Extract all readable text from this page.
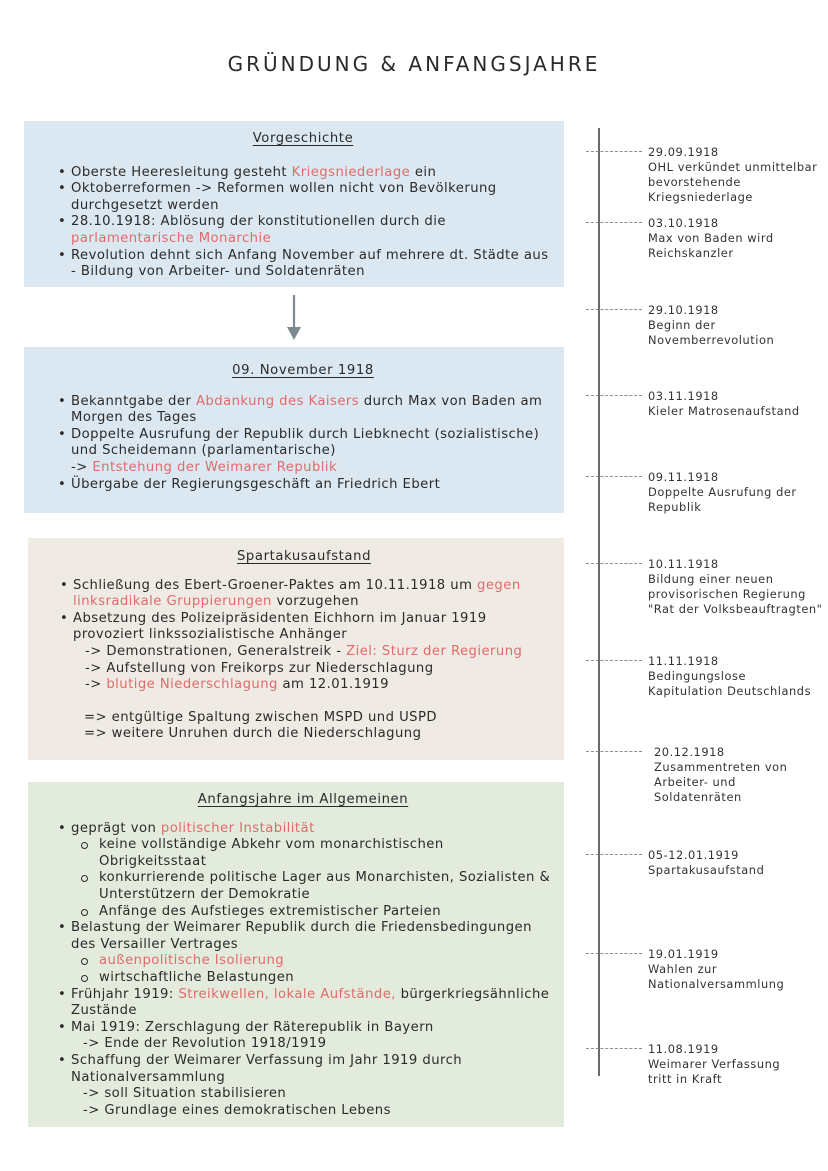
GRÜNDUNG & ANFANGSJAHRE
Vorgeschichte
• Oberste Heeresleitung gesteht Kriegsniederlage ein
• Oktoberreformen -> Reformen wollen nicht von Bevölkerung durchgesetzt werden
• 28.10.1918: Ablösung der konstitutionellen durch die parlamentarische Monarchie
• Revolution dehnt sich Anfang November auf mehrere dt. Städte aus - Bildung von Arbeiter- und Soldatenräten
09. November 1918
• Bekanntgabe der Abdankung des Kaisers durch Max von Baden am Morgen des Tages
• Doppelte Ausrufung der Republik durch Liebknecht (sozialistische) und Scheidemann (parlamentarische)
-> Entstehung der Weimarer Republik
• Übergabe der Regierungsgeschäft an Friedrich Ebert
Spartakusaufstand
• Schließung des Ebert-Groener-Paktes am 10.11.1918 um gegen linksradikale Gruppierungen vorzugehen
• Absetzung des Polizeipräsidenten Eichhorn im Januar 1919 provoziert linkssozialistische Anhänger
-> Demonstrationen, Generalstreik - Ziel: Sturz der Regierung
-> Aufstellung von Freikorps zur Niederschlagung
-> blutige Niederschlagung am 12.01.1919
=> entgültige Spaltung zwischen MSPD und USPD
=> weitere Unruhen durch die Niederschlagung
Anfangsjahre im Allgemeinen
• geprägt von politischer Instabilität
keine vollständige Abkehr vom monarchistischen Obrigkeitsstaat
konkurrierende politische Lager aus Monarchisten, Sozialisten & Unterstützern der Demokratie
Anfänge des Aufstieges extremistischer Parteien
• Belastung der Weimarer Republik durch die Friedensbedingungen des Versailler Vertrages
außenpolitische Isolierung
wirtschaftliche Belastungen
• Frühjahr 1919: Streikwellen, lokale Aufstände, bürgerkriegsähnliche Zustände
• Mai 1919: Zerschlagung der Räterepublik in Bayern
-> Ende der Revolution 1918/1919
• Schaffung der Weimarer Verfassung im Jahr 1919 durch Nationalversammlung
-> soll Situation stabilisieren
-> Grundlage eines demokratischen Lebens
29.09.1918
OHL verkündet unmittelbar bevorstehende Kriegsniederlage
03.10.1918
Max von Baden wird Reichskanzler
29.10.1918
Beginn der Novemberrevolution
03.11.1918
Kieler Matrosenaufstand
09.11.1918
Doppelte Ausrufung der Republik
10.11.1918
Bildung einer neuen provisorischen Regierung "Rat der Volksbeauftragten"
11.11.1918
Bedingungslose Kapitulation Deutschlands
20.12.1918
Zusammentreten von Arbeiter- und Soldatenräten
05-12.01.1919
Spartakusaufstand
19.01.1919
Wahlen zur Nationalversammlung
11.08.1919
Weimarer Verfassung tritt in Kraft
